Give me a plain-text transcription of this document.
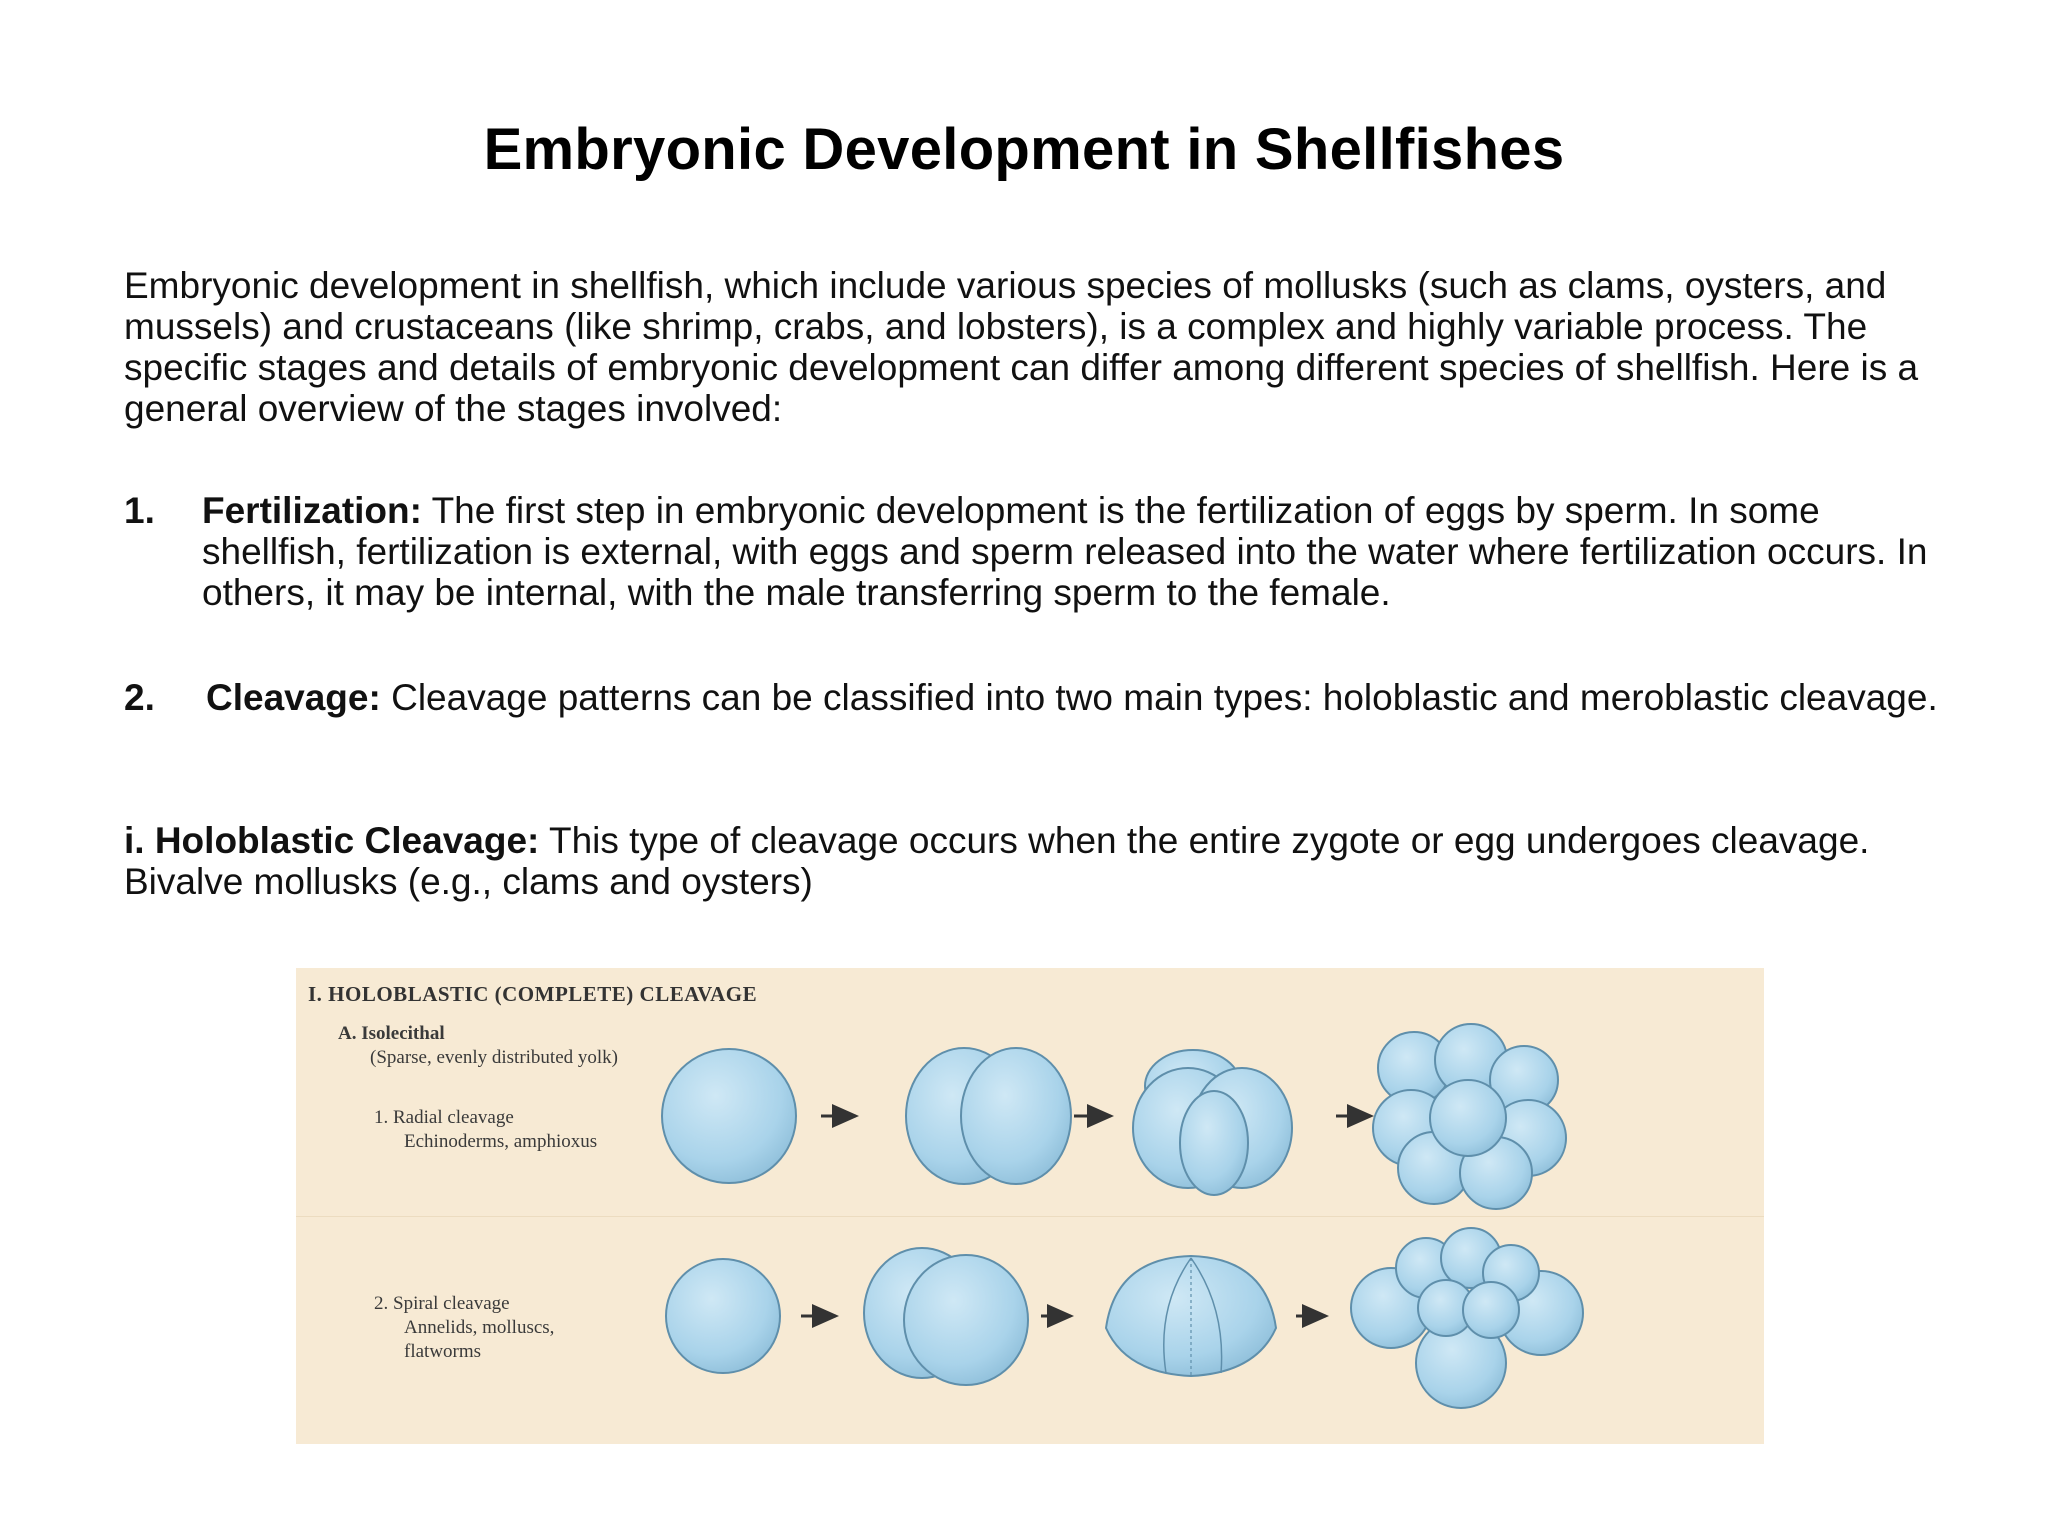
Embryonic Development in Shellfishes
Embryonic development in shellfish, which include various species of mollusks (such as clams, oysters, and mussels) and crustaceans (like shrimp, crabs, and lobsters), is a complex and highly variable process. The specific stages and details of embryonic development can differ among different species of shellfish. Here is a general overview of the stages involved:
1.	Fertilization: The first step in embryonic development is the fertilization of eggs by sperm. In some shellfish, fertilization is external, with eggs and sperm released into the water where fertilization occurs. In others, it may be internal, with the male transferring sperm to the female.
2. Cleavage: Cleavage patterns can be classified into two main types: holoblastic and meroblastic cleavage.
i. Holoblastic Cleavage: This type of cleavage occurs when the entire zygote or egg undergoes cleavage. Bivalve mollusks (e.g., clams and oysters)
I. HOLOBLASTIC (COMPLETE) CLEAVAGE
A. Isolecithal
(Sparse, evenly distributed yolk)
1. Radial cleavage
Echinoderms, amphioxus
2. Spiral cleavage
Annelids, molluscs,
flatworms
